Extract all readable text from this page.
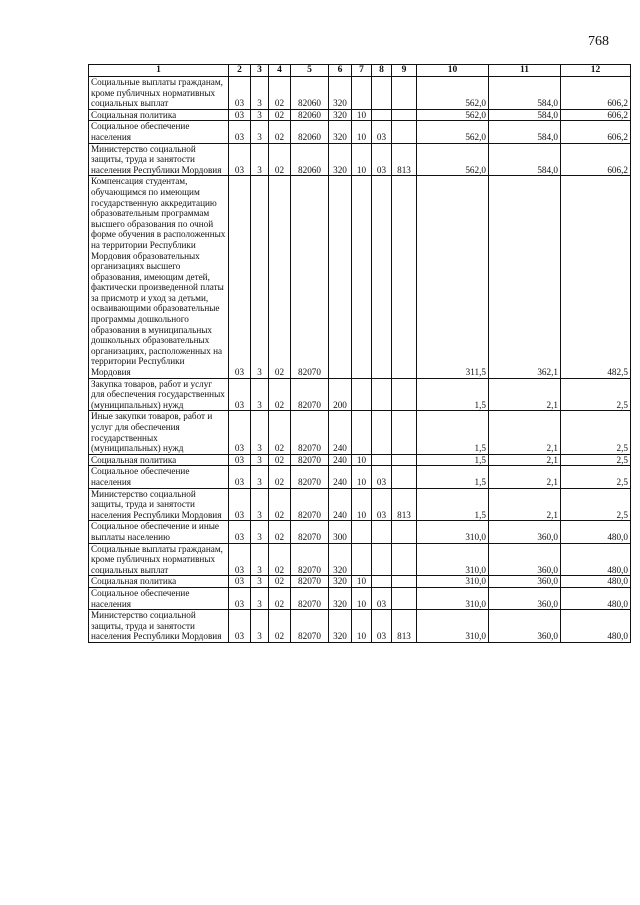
768
1	2	3	4	5	6	7	8	9	10	11	12
Социальные выплаты гражданам, кроме публичных нормативных социальных выплат	03	3	02	82060	320				562,0	584,0	606,2
Социальная политика	03	3	02	82060	320	10			562,0	584,0	606,2
Социальное обеспечение населения	03	3	02	82060	320	10	03		562,0	584,0	606,2
Министерство социальной защиты, труда и занятости населения Республики Мордовия	03	3	02	82060	320	10	03	813	562,0	584,0	606,2
Компенсация студентам, обучающимся по имеющим государственную аккредитацию образовательным программам высшего образования по очной форме обучения в расположенных на территории Республики Мордовия образовательных организациях высшего образования, имеющим детей, фактически произведенной платы за присмотр и уход за детьми, осваивающими образовательные программы дошкольного образования в муниципальных дошкольных образовательных организациях, расположенных на территории Республики Мордовия	03	3	02	82070					311,5	362,1	482,5
Закупка товаров, работ и услуг для обеспечения государственных (муниципальных) нужд	03	3	02	82070	200				1,5	2,1	2,5
Иные закупки товаров, работ и услуг для обеспечения государственных (муниципальных) нужд	03	3	02	82070	240				1,5	2,1	2,5
Социальная политика	03	3	02	82070	240	10			1,5	2,1	2,5
Социальное обеспечение населения	03	3	02	82070	240	10	03		1,5	2,1	2,5
Министерство социальной защиты, труда и занятости населения Республики Мордовия	03	3	02	82070	240	10	03	813	1,5	2,1	2,5
Социальное обеспечение и иные выплаты населению	03	3	02	82070	300				310,0	360,0	480,0
Социальные выплаты гражданам, кроме публичных нормативных социальных выплат	03	3	02	82070	320				310,0	360,0	480,0
Социальная политика	03	3	02	82070	320	10			310,0	360,0	480,0
Социальное обеспечение населения	03	3	02	82070	320	10	03		310,0	360,0	480,0
Министерство социальной защиты, труда и занятости населения Республики Мордовия	03	3	02	82070	320	10	03	813	310,0	360,0	480,0
